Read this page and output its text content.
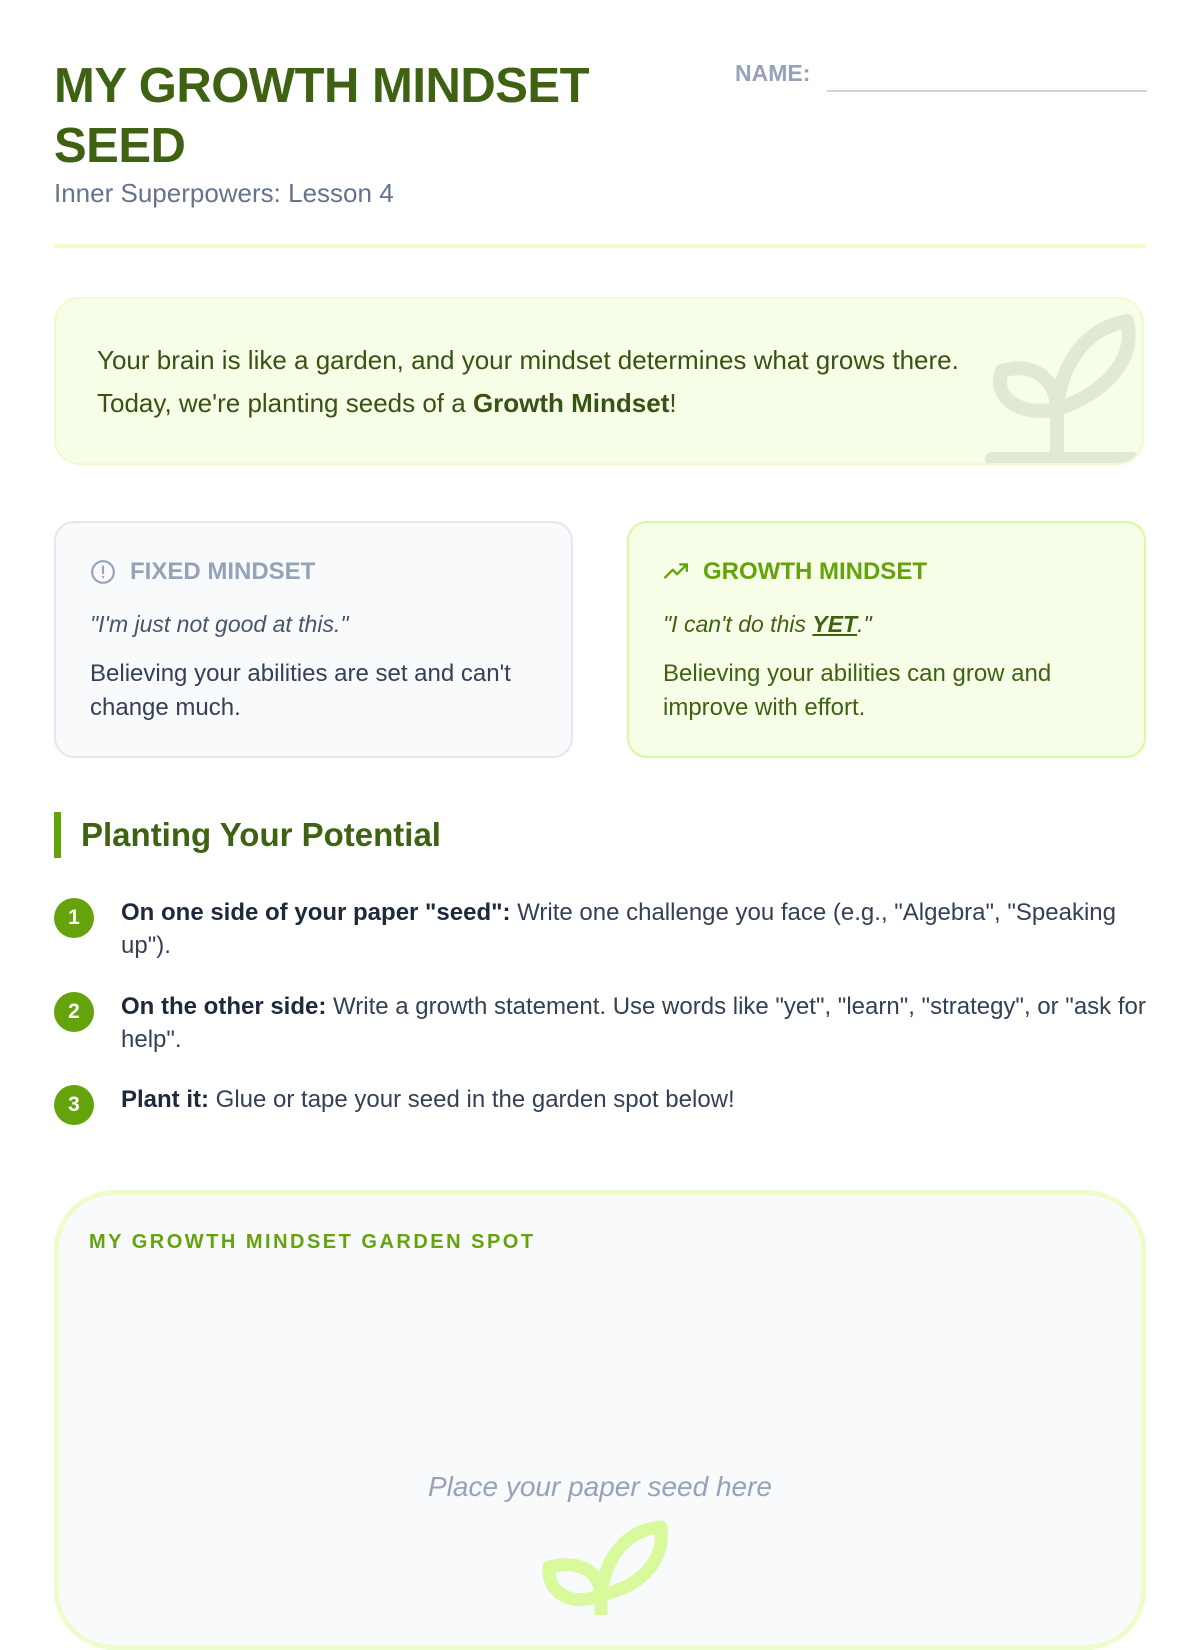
MY GROWTH MINDSET SEED
Inner Superpowers: Lesson 4
NAME:

Your brain is like a garden, and your mindset determines what grows there.
Today, we're planting seeds of a Growth Mindset!

FIXED MINDSET
"I'm just not good at this."
Believing your abilities are set and can't change much.
GROWTH MINDSET
"I can't do this YET."
Believing your abilities can grow and improve with effort.
Planting Your Potential
1	On one side of your paper "seed": Write one challenge you face (e.g., "Algebra", "Speaking up").
2	On the other side: Write a growth statement. Use words like "yet", "learn", "strategy", or "ask for help".
3	Plant it: Glue or tape your seed in the garden spot below!
MY GROWTH MINDSET GARDEN SPOT
Place your paper seed here
